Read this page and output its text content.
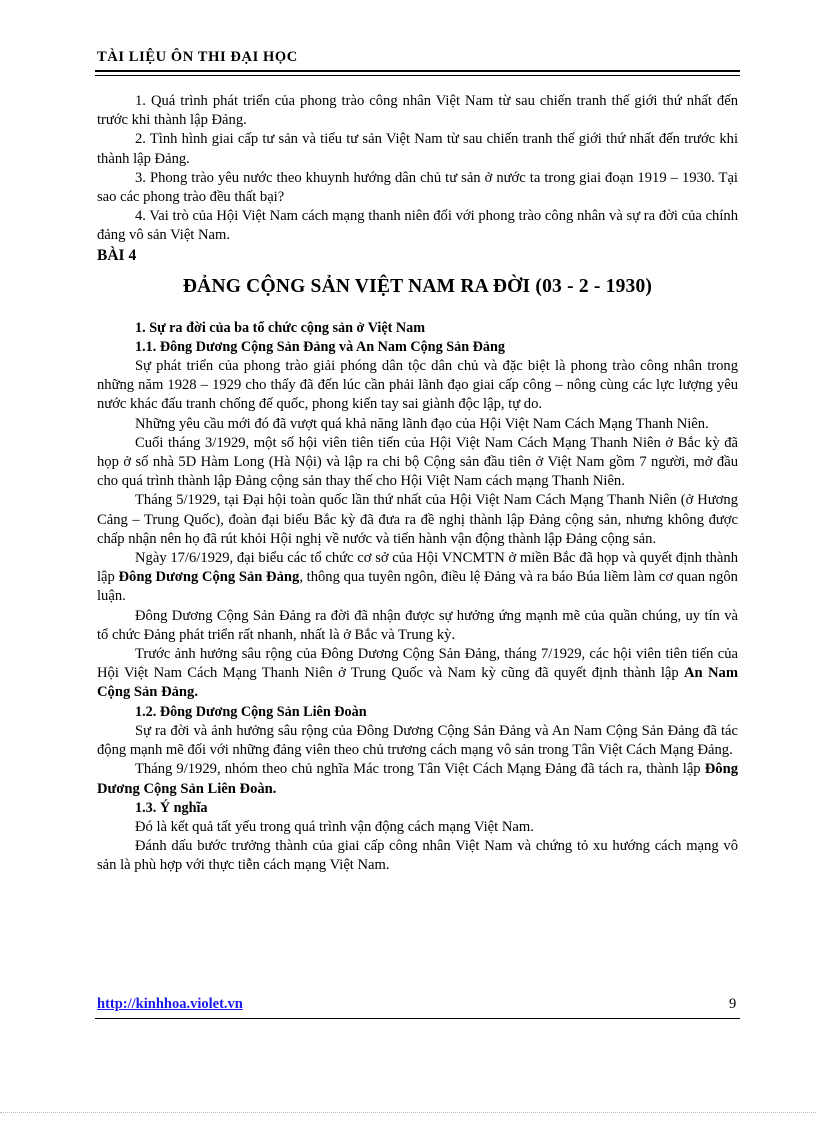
TÀI LIỆU ÔN THI ĐẠI HỌC

1. Quá trình phát triển của phong trào công nhân Việt Nam từ sau chiến tranh thế giới thứ nhất đến trước khi thành lập Đảng.

2. Tình hình giai cấp tư sản và tiểu tư sản Việt Nam từ sau chiến tranh thế giới thứ nhất đến trước khi thành lập Đảng.

3. Phong trào yêu nước theo khuynh hướng dân chủ tư sản ở nước ta trong giai đoạn 1919 – 1930. Tại sao các phong trào đều thất bại?

4. Vai trò của Hội Việt Nam cách mạng thanh niên đối với phong trào công nhân và sự ra đời của chính đảng vô sản Việt Nam.

BÀI 4

ĐẢNG CỘNG SẢN VIỆT NAM RA ĐỜI (03 - 2 - 1930)

1. Sự ra đời của ba tổ chức cộng sản ở Việt Nam

1.1. Đông Dương Cộng Sản Đảng và An Nam Cộng Sản Đảng

Sự phát triển của phong trào giải phóng dân tộc dân chủ và đặc biệt là phong trào công nhân trong những năm 1928 – 1929 cho thấy đã đến lúc cần phải lãnh đạo giai cấp công – nông cùng các lực lượng yêu nước khác đấu tranh chống đế quốc, phong kiến tay sai giành độc lập, tự do.

Những yêu cầu mới đó đã vượt quá khả năng lãnh đạo của Hội Việt Nam Cách Mạng Thanh Niên.

Cuối tháng 3/1929, một số hội viên tiên tiến của Hội Việt Nam Cách Mạng Thanh Niên ở Bắc kỳ đã họp ở số nhà 5D Hàm Long (Hà Nội) và lập ra chi bộ Cộng sản đầu tiên ở Việt Nam gồm 7 người, mở đầu cho quá trình thành lập Đảng cộng sản thay thế cho Hội Việt Nam cách mạng Thanh Niên.

Tháng 5/1929, tại Đại hội toàn quốc lần thứ nhất của Hội Việt Nam Cách Mạng Thanh Niên (ở Hương Cảng – Trung Quốc), đoàn đại biểu Bắc kỳ đã đưa ra đề nghị thành lập Đảng cộng sản, nhưng không được chấp nhận nên họ đã rút khỏi Hội nghị về nước và tiến hành vận động thành lập Đảng cộng sản.

Ngày 17/6/1929, đại biểu các tổ chức cơ sở của Hội VNCMTN ở miền Bắc đã họp và quyết định thành lập Đông Dương Cộng Sản Đảng, thông qua tuyên ngôn, điều lệ Đảng và ra báo Búa liềm làm cơ quan ngôn luận.

Đông Dương Cộng Sản Đảng ra đời đã nhận được sự hưởng ứng mạnh mẽ của quần chúng, uy tín và tổ chức Đảng phát triển rất nhanh, nhất là ở Bắc và Trung kỳ.

Trước ảnh hưởng sâu rộng của Đông Dương Cộng Sản Đảng, tháng 7/1929, các hội viên tiên tiến của Hội Việt Nam Cách Mạng Thanh Niên ở Trung Quốc và Nam kỳ cũng đã quyết định thành lập An Nam Cộng Sản Đảng.

1.2. Đông Dương Cộng Sản Liên Đoàn

Sự ra đời và ảnh hưởng sâu rộng của Đông Dương Cộng Sản Đảng và An Nam Cộng Sản Đảng đã tác động mạnh mẽ đối với những đảng viên theo chủ trương cách mạng vô sản trong Tân Việt Cách Mạng Đảng.

Tháng 9/1929, nhóm theo chủ nghĩa Mác trong Tân Việt Cách Mạng Đảng đã tách ra, thành lập Đông Dương Cộng Sản Liên Đoàn.

1.3. Ý nghĩa

Đó là kết quả tất yếu trong quá trình vận động cách mạng Việt Nam.

Đánh dấu bước trưởng thành của giai cấp công nhân Việt Nam và chứng tỏ xu hướng cách mạng vô sản là phù hợp với thực tiễn cách mạng Việt Nam.

http://kinhhoa.violet.vn	9
